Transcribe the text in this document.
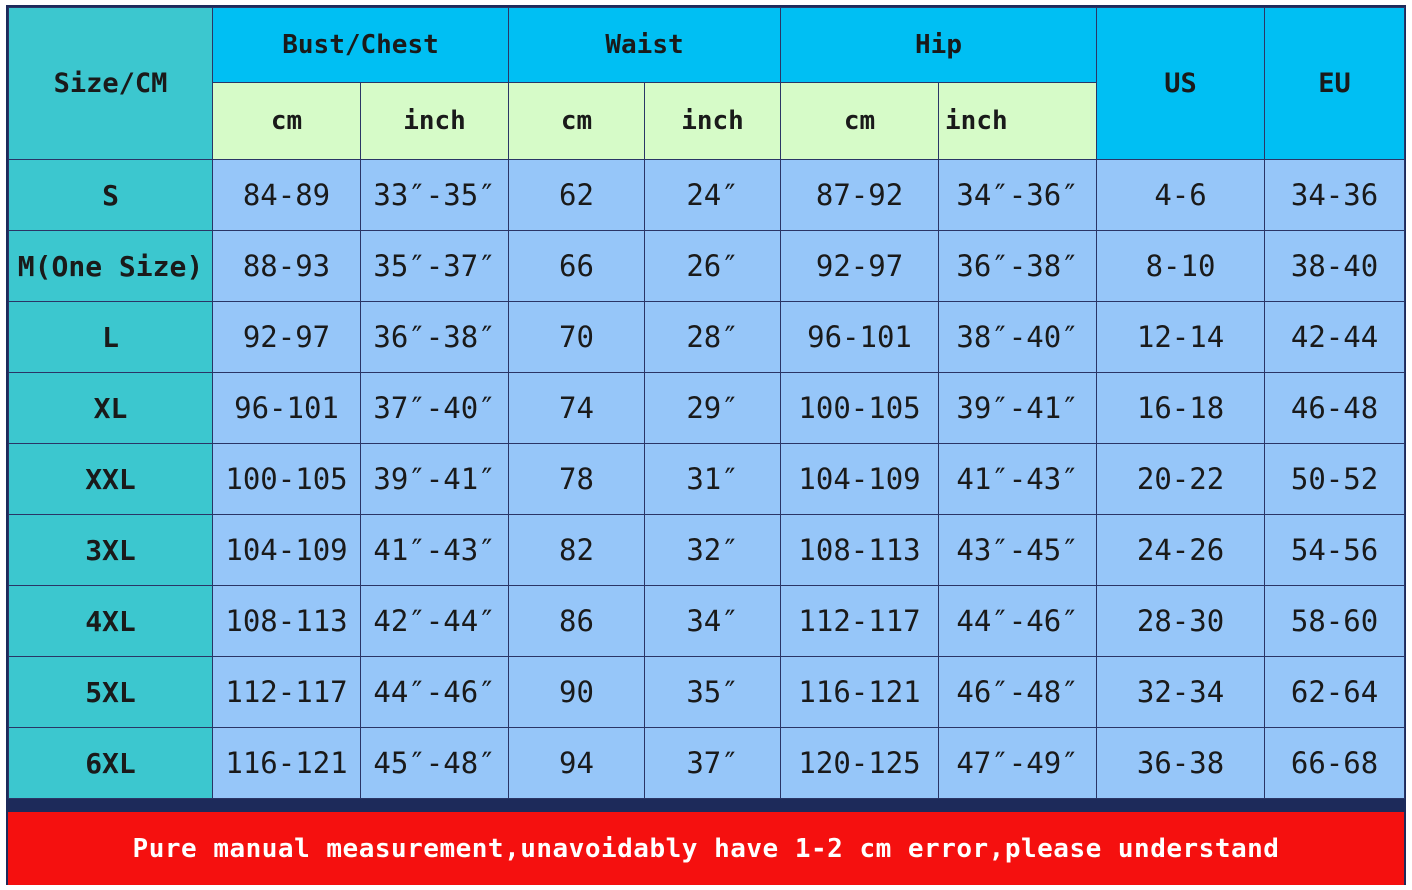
Size/CM	Bust/Chest		Waist		Hip		US	EU
	cm	inch	cm	inch	cm	inch		
S	84-89	33″-35″	62	24″	87-92	34″-36″	4-6	34-36
M(One Size)	88-93	35″-37″	66	26″	92-97	36″-38″	8-10	38-40
L	92-97	36″-38″	70	28″	96-101	38″-40″	12-14	42-44
XL	96-101	37″-40″	74	29″	100-105	39″-41″	16-18	46-48
XXL	100-105	39″-41″	78	31″	104-109	41″-43″	20-22	50-52
3XL	104-109	41″-43″	82	32″	108-113	43″-45″	24-26	54-56
4XL	108-113	42″-44″	86	34″	112-117	44″-46″	28-30	58-60
5XL	112-117	44″-46″	90	35″	116-121	46″-48″	32-34	62-64
6XL	116-121	45″-48″	94	37″	120-125	47″-49″	36-38	66-68
Pure manual measurement,unavoidably have 1-2 cm error,please understand
